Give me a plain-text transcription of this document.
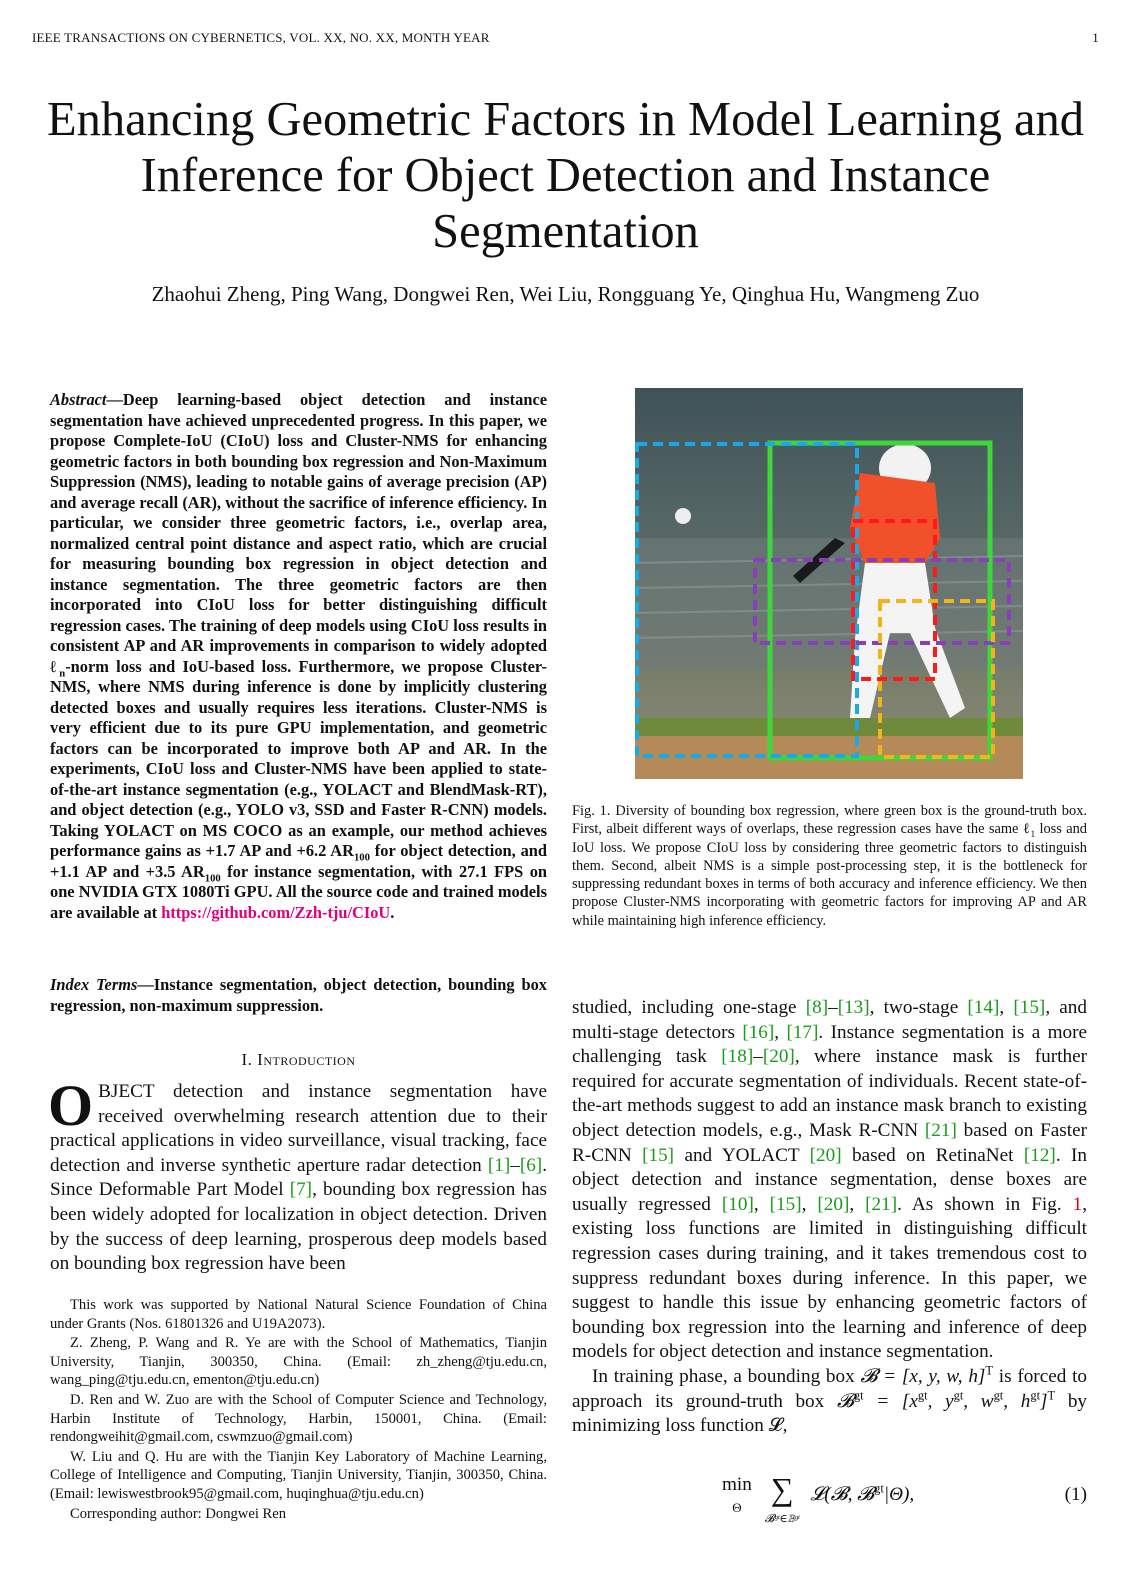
IEEE TRANSACTIONS ON CYBERNETICS, VOL. XX, NO. XX, MONTH YEAR	1
Enhancing Geometric Factors in Model Learning and Inference for Object Detection and Instance Segmentation
Zhaohui Zheng, Ping Wang, Dongwei Ren, Wei Liu, Rongguang Ye, Qinghua Hu, Wangmeng Zuo
Abstract—Deep learning-based object detection and instance segmentation have achieved unprecedented progress. In this paper, we propose Complete-IoU (CIoU) loss and Cluster-NMS for enhancing geometric factors in both bounding box regression and Non-Maximum Suppression (NMS), leading to notable gains of average precision (AP) and average recall (AR), without the sacrifice of inference efficiency. In particular, we consider three geometric factors, i.e., overlap area, normalized central point distance and aspect ratio, which are crucial for measuring bounding box regression in object detection and instance segmentation. The three geometric factors are then incorporated into CIoU loss for better distinguishing difficult regression cases. The training of deep models using CIoU loss results in consistent AP and AR improvements in comparison to widely adopted ℓ$_n$-norm loss and IoU-based loss. Furthermore, we propose Cluster-NMS, where NMS during inference is done by implicitly clustering detected boxes and usually requires less iterations. Cluster-NMS is very efficient due to its pure GPU implementation, and geometric factors can be incorporated to improve both AP and AR. In the experiments, CIoU loss and Cluster-NMS have been applied to state-of-the-art instance segmentation (e.g., YOLACT and BlendMask-RT), and object detection (e.g., YOLO v3, SSD and Faster R-CNN) models. Taking YOLACT on MS COCO as an example, our method achieves performance gains as +1.7 AP and +6.2 $AR_{100}$ for object detection, and +1.1 AP and +3.5 $AR_{100}$ for instance segmentation, with 27.1 FPS on one NVIDIA GTX 1080Ti GPU. All the source code and trained models are available at https://github.com/Zzh-tju/CIoU.
Index Terms—Instance segmentation, object detection, bounding box regression, non-maximum suppression.
I. Introduction
OBJECT detection and instance segmentation have received overwhelming research attention due to their practical applications in video surveillance, visual tracking, face detection and inverse synthetic aperture radar detection [1]–[6]. Since Deformable Part Model [7], bounding box regression has been widely adopted for localization in object detection. Driven by the success of deep learning, prosperous deep models based on bounding box regression have been

This work was supported by National Natural Science Foundation of China under Grants (Nos. 61801326 and U19A2073).

Z. Zheng, P. Wang and R. Ye are with the School of Mathematics, Tianjin University, Tianjin, 300350, China. (Email: zh_zheng@tju.edu.cn, wang_ping@tju.edu.cn, ementon@tju.edu.cn)

D. Ren and W. Zuo are with the School of Computer Science and Technology, Harbin Institute of Technology, Harbin, 150001, China. (Email: rendongweihit@gmail.com, cswmzuo@gmail.com)

W. Liu and Q. Hu are with the Tianjin Key Laboratory of Machine Learning, College of Intelligence and Computing, Tianjin University, Tianjin, 300350, China. (Email: lewiswestbrook95@gmail.com, huqinghua@tju.edu.cn)

Corresponding author: Dongwei Ren

Fig. 1. Diversity of bounding box regression, where green box is the ground-truth box. First, albeit different ways of overlaps, these regression cases have the same ℓ$_1$ loss and IoU loss. We propose CIoU loss by considering three geometric factors to distinguish them. Second, albeit NMS is a simple post-processing step, it is the bottleneck for suppressing redundant boxes in terms of both accuracy and inference efficiency. We then propose Cluster-NMS incorporating with geometric factors for improving AP and AR while maintaining high inference efficiency.

studied, including one-stage [8]–[13], two-stage [14], [15], and multi-stage detectors [16], [17]. Instance segmentation is a more challenging task [18]–[20], where instance mask is further required for accurate segmentation of individuals. Recent state-of-the-art methods suggest to add an instance mask branch to existing object detection models, e.g., Mask R-CNN [21] based on Faster R-CNN [15] and YOLACT [20] based on RetinaNet [12]. In object detection and instance segmentation, dense boxes are usually regressed [10], [15], [20], [21]. As shown in Fig. 1, existing loss functions are limited in distinguishing difficult regression cases during training, and it takes tremendous cost to suppress redundant boxes during inference. In this paper, we suggest to handle this issue by enhancing geometric factors of bounding box regression into the learning and inference of deep models for object detection and instance segmentation.

In training phase, a bounding box 𝓑 = [x, y, w, h]$^T$ is forced to approach its ground-truth box 𝓑$^{gt}$ = [$x^{gt}$, $y^{gt}$, $w^{gt}$, $h^{gt}]^T$ by minimizing loss function 𝓛,

min
Θ ∑
𝓑ᵍᵗ∈𝔹ᵍᵗ 𝓛(𝓑, 𝓑$^{gt}$|Θ),	(1)
